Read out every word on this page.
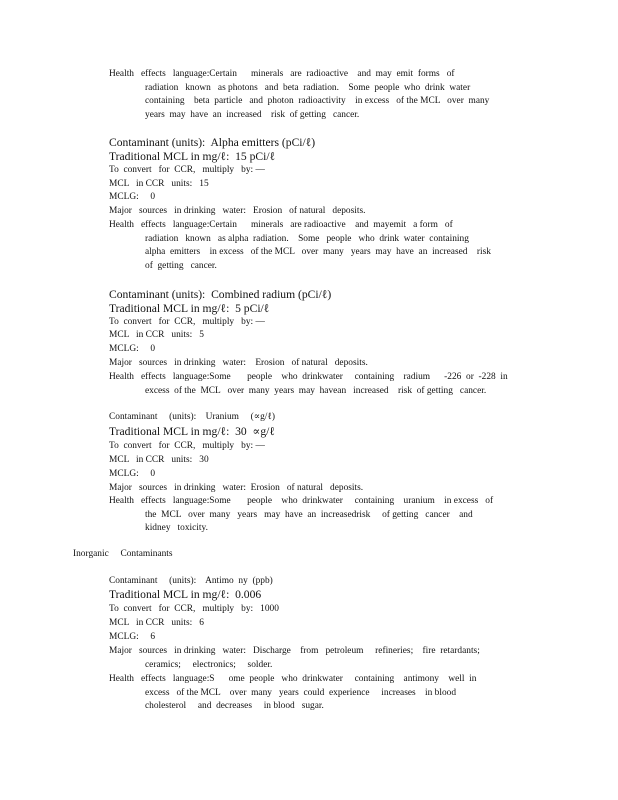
Health   effects   language:Certain      minerals   are  radioactive    and  may  emit  forms   of
radiation   known   as photons   and  beta  radiation.    Some  people  who  drink  water
containing    beta  particle   and  photon  radioactivity    in excess   of the MCL   over  many
years  may  have  an  increased    risk  of getting   cancer.
Contaminant (units):  Alpha emitters (pCi/ℓ)
Traditional MCL in mg/ℓ:  15 pCi/ℓ
To  convert   for  CCR,   multiply   by: —
MCL   in CCR   units:   15
MCLG:     0
Major   sources   in drinking   water:   Erosion   of natural   deposits.
Health   effects   language:Certain      minerals   are radioactive    and  mayemit   a form   of
radiation   known   as alpha  radiation.    Some   people   who  drink  water  containing
alpha  emitters    in excess   of the MCL   over  many   years  may  have  an  increased    risk
of  getting   cancer.
Contaminant (units):  Combined radium (pCi/ℓ)
Traditional MCL in mg/ℓ:  5 pCi/ℓ
To  convert   for  CCR,   multiply   by: —
MCL   in CCR   units:   5
MCLG:     0
Major   sources   in drinking   water:    Erosion   of natural   deposits.
Health   effects   language:Some       people    who  drinkwater     containing    radium      -226  or  -228  in
excess  of the  MCL   over  many  years  may  havean   increased    risk  of getting   cancer.
Contaminant     (units):    Uranium     (∝g/ℓ)
Traditional MCL in mg/ℓ:  30  ∝g/ℓ
To  convert   for  CCR,   multiply   by: —
MCL   in CCR   units:   30
MCLG:     0
Major   sources   in drinking   water:  Erosion   of natural   deposits.
Health   effects   language:Some       people    who  drinkwater     containing    uranium    in excess   of
the  MCL   over  many   years   may  have  an  increasedrisk     of getting   cancer    and
kidney   toxicity.
Inorganic     Contaminants
Contaminant     (units):    Antimo  ny  (ppb)
Traditional MCL in mg/ℓ:  0.006
To  convert   for  CCR,   multiply   by:   1000
MCL   in CCR   units:   6
MCLG:     6
Major   sources   in drinking   water:   Discharge    from   petroleum     refineries;    fire  retardants;
ceramics;     electronics;     solder.
Health   effects   language:S      ome  people   who  drinkwater     containing    antimony    well  in
excess   of the MCL    over  many   years  could  experience     increases    in blood
cholesterol     and  decreases     in blood   sugar.
